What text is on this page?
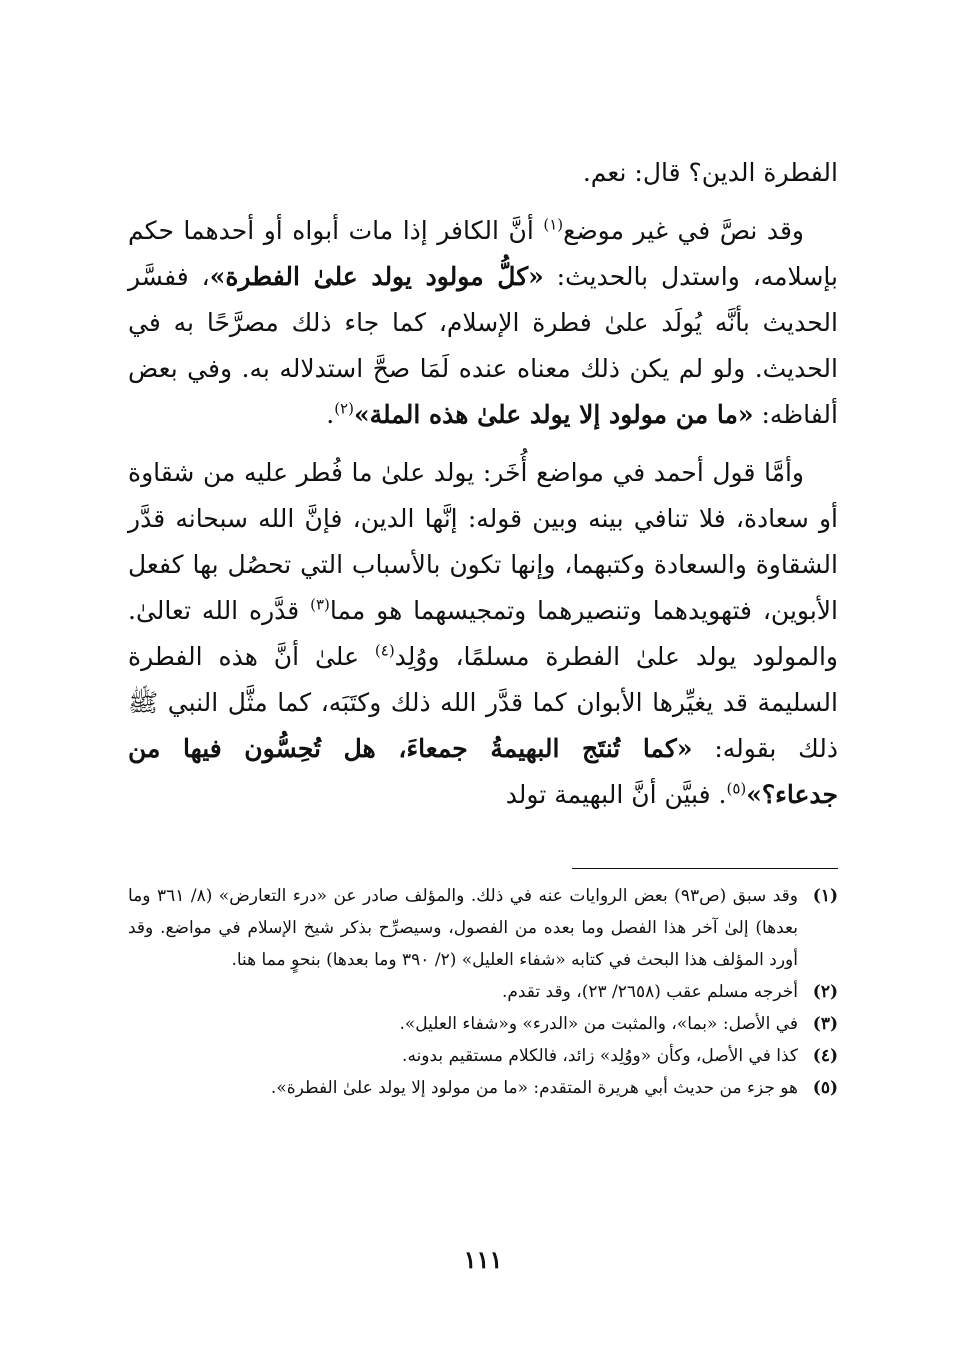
الفطرة الدين؟ قال: نعم.

وقد نصَّ في غير موضع$^{(١)}$ أنَّ الكافر إذا مات أبواه أو أحدهما حكم بإسلامه، واستدل بالحديث: «كلُّ مولود يولد علىٰ الفطرة»، ففسَّر الحديث بأنَّه يُولَد علىٰ فطرة الإسلام، كما جاء ذلك مصرَّحًا به في الحديث. ولو لم يكن ذلك معناه عنده لَمَا صحَّ استدلاله به. وفي بعض ألفاظه: «ما من مولود إلا يولد علىٰ هذه الملة»$^{(٢)}$.

وأمَّا قول أحمد في مواضع أُخَر: يولد علىٰ ما فُطر عليه من شقاوة أو سعادة، فلا تنافي بينه وبين قوله: إنَّها الدين، فإنَّ الله سبحانه قدَّر الشقاوة والسعادة وكتبهما، وإنها تكون بالأسباب التي تحصُل بها كفعل الأبوين، فتهويدهما وتنصيرهما وتمجيسهما هو مما$^{(٣)}$ قدَّره الله تعالىٰ. والمولود يولد علىٰ الفطرة مسلمًا، ووُلِد$^{(٤)}$ علىٰ أنَّ هذه الفطرة السليمة قد يغيِّرها الأبوان كما قدَّر الله ذلك وكتَبَه، كما مثَّل النبي ﷺ ذلك بقوله: «كما تُنتَج البهيمةُ جمعاءَ، هل تُحِسُّون فيها من جدعاء؟»$^{(٥)}$. فبيَّن أنَّ البهيمة تولد

(١)
وقد سبق (ص٩٣) بعض الروايات عنه في ذلك. والمؤلف صادر عن «درء التعارض» (٨/ ٣٦١ وما بعدها) إلىٰ آخر هذا الفصل وما بعده من الفصول، وسيصرِّح بذكر شيخ الإسلام في مواضع. وقد أورد المؤلف هذا البحث في كتابه «شفاء العليل» (٢/ ٣٩٠ وما بعدها) بنحوٍ مما هنا.
(٢)
أخرجه مسلم عقب (٢٦٥٨/ ٢٣)، وقد تقدم.
(٣)
في الأصل: «بما»، والمثبت من «الدرء» و«شفاء العليل».
(٤)
كذا في الأصل، وكأن «ووُلِد» زائد، فالكلام مستقيم بدونه.
(٥)
هو جزء من حديث أبي هريرة المتقدم: «ما من مولود إلا يولد علىٰ الفطرة».
١١١
